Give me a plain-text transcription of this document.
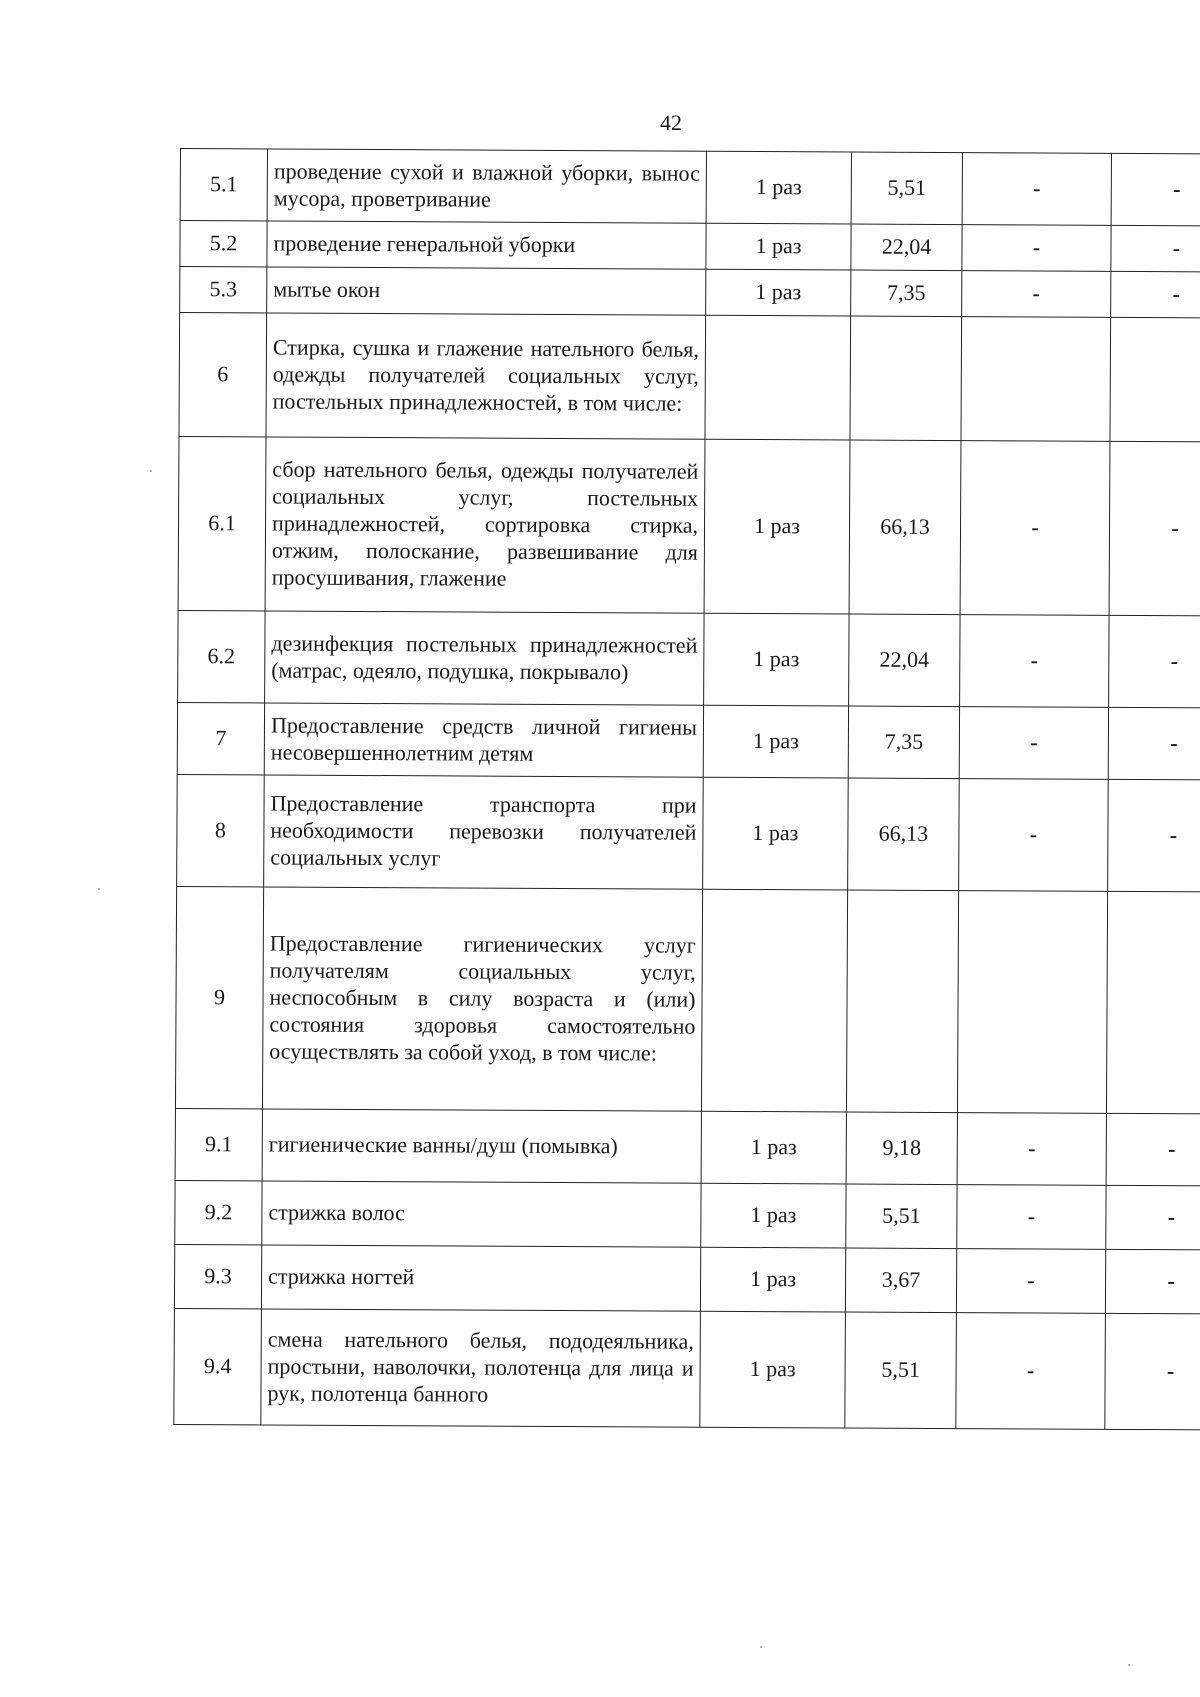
42
5.1	проведение сухой и влажной уборки, вынос мусора, проветривание	1 раз	5,51	-	-
5.2	проведение генеральной уборки	1 раз	22,04	-	-
5.3	мытье окон	1 раз	7,35	-	-
6	Стирка, сушка и глажение нательного белья, одежды получателей социальных услуг, постельных принадлежностей, в том числе:				
6.1	сбор нательного белья, одежды получателей социальных услуг, постельных принадлежностей, сортировка стирка, отжим, полоскание, развешивание для просушивания, глажение	1 раз	66,13	-	-
6.2	дезинфекция постельных принадлежностей (матрас, одеяло, подушка, покрывало)	1 раз	22,04	-	-
7	Предоставление средств личной гигиены несовершеннолетним детям	1 раз	7,35	-	-
8	Предоставление транспорта при необходимости перевозки получателей социальных услуг	1 раз	66,13	-	-
9	Предоставление гигиенических услуг получателям социальных услуг, неспособным в силу возраста и (или) состояния здоровья самостоятельно осуществлять за собой уход, в том числе:				
9.1	гигиенические ванны/душ (помывка)	1 раз	9,18	-	-
9.2	стрижка волос	1 раз	5,51	-	-
9.3	стрижка ногтей	1 раз	3,67	-	-
9.4	смена нательного белья, пододеяльника, простыни, наволочки, полотенца для лица и рук, полотенца банного	1 раз	5,51	-	-
